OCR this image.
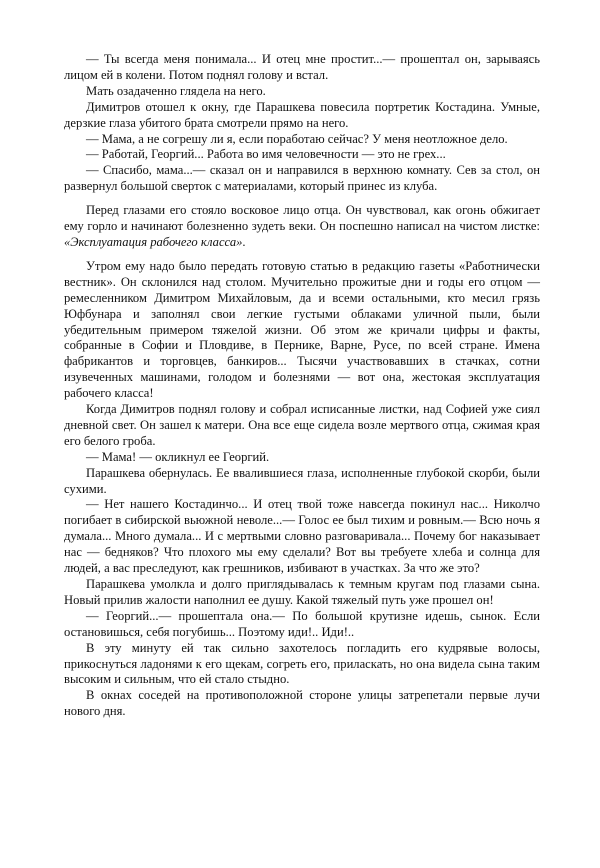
— Ты всегда меня понимала... И отец мне простит...— прошептал он, зарываясь лицом ей в колени. Потом поднял голову и встал.

Мать озадаченно глядела на него.

Димитров отошел к окну, где Парашкева повесила портретик Костадина. Умные, дерзкие глаза убитого брата смотрели прямо на него.

— Мама, а не согрешу ли я, если поработаю сейчас? У меня неотложное дело.

— Работай, Георгий... Работа во имя человечности — это не грех...

— Спасибо, мама...— сказал он и направился в верхнюю комнату. Сев за стол, он развернул большой сверток с материалами, который принес из клуба.

Перед глазами его стояло восковое лицо отца. Он чувствовал, как огонь обжигает ему горло и начинают болезненно зудеть веки. Он поспешно написал на чистом листке: «Эксплуатация рабочего класса».

Утром ему надо было передать готовую статью в редакцию газеты «Работнически вестник». Он склонился над столом. Мучительно прожитые дни и годы его отцом — ремесленником Димитром Михайловым, да и всеми остальными, кто месил грязь Юфбунара и заполнял свои легкие густыми облаками уличной пыли, были убедительным примером тяжелой жизни. Об этом же кричали цифры и факты, собранные в Софии и Пловдиве, в Пернике, Варне, Русе, по всей стране. Имена фабрикантов и торговцев, банкиров... Тысячи участвовавших в стачках, сотни изувеченных машинами, голодом и болезнями — вот она, жестокая эксплуатация рабочего класса!

Когда Димитров поднял голову и собрал исписанные листки, над Софией уже сиял дневной свет. Он зашел к матери. Она все еще сидела возле мертвого отца, сжимая края его белого гроба.

— Мама! — окликнул ее Георгий.

Парашкева обернулась. Ее ввалившиеся глаза, исполненные глубокой скорби, были сухими.

— Нет нашего Костадинчо... И отец твой тоже навсегда покинул нас... Николчо погибает в сибирской вьюжной неволе...— Голос ее был тихим и ровным.— Всю ночь я думала... Много думала... И с мертвыми словно разговаривала... Почему бог наказывает нас — бедняков? Что плохого мы ему сделали? Вот вы требуете хлеба и солнца для людей, а вас преследуют, как грешников, избивают в участках. За что же это?

Парашкева умолкла и долго приглядывалась к темным кругам под глазами сына. Новый прилив жалости наполнил ее душу. Какой тяжелый путь уже прошел он!

— Георгий...— прошептала она.— По большой крутизне идешь, сынок. Если остановишься, себя погубишь... Поэтому иди!.. Иди!..

В эту минуту ей так сильно захотелось погладить его кудрявые волосы, прикоснуться ладонями к его щекам, согреть его, приласкать, но она видела сына таким высоким и сильным, что ей стало стыдно.

В окнах соседей на противоположной стороне улицы затрепетали первые лучи нового дня.
